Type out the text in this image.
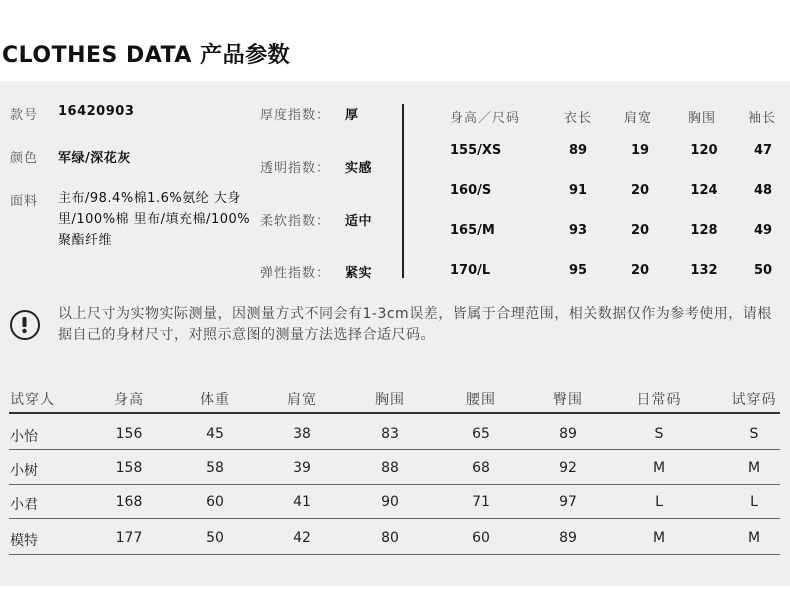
CLOTHES DATA 产品参数
款号 16420903
颜色 军绿/深花灰
面料 主布/98.4%棉1.6%氨纶 大身里/100%棉 里布/填充棉/100%聚酯纤维
厚度指数： 厚
透明指数： 实感
柔软指数： 适中
弹性指数： 紧实
身高／尺码	衣长 肩宽	胸围 袖长
155/XS	89	19	120	47
160/S	91	20	124	48
165/M	93	20	128	49
170/L	95	20	132	50
以上尺寸为实物实际测量，因测量方式不同会有1-3cm误差，皆属于合理范围，相关数据仅作为参考使用，请根据自己的身材尺寸，对照示意图的测量方法选择合适尺码。
试穿人	身高	体重	肩宽	胸围	腰围	臀围	日常码	试穿码
小怡	156	45	38	83	65	89	S	S
小树	158	58	39	88	68	92	M	M
小君	168	60	41	90	71	97	L	L
模特	177	50	42	80	60	89	M	M
